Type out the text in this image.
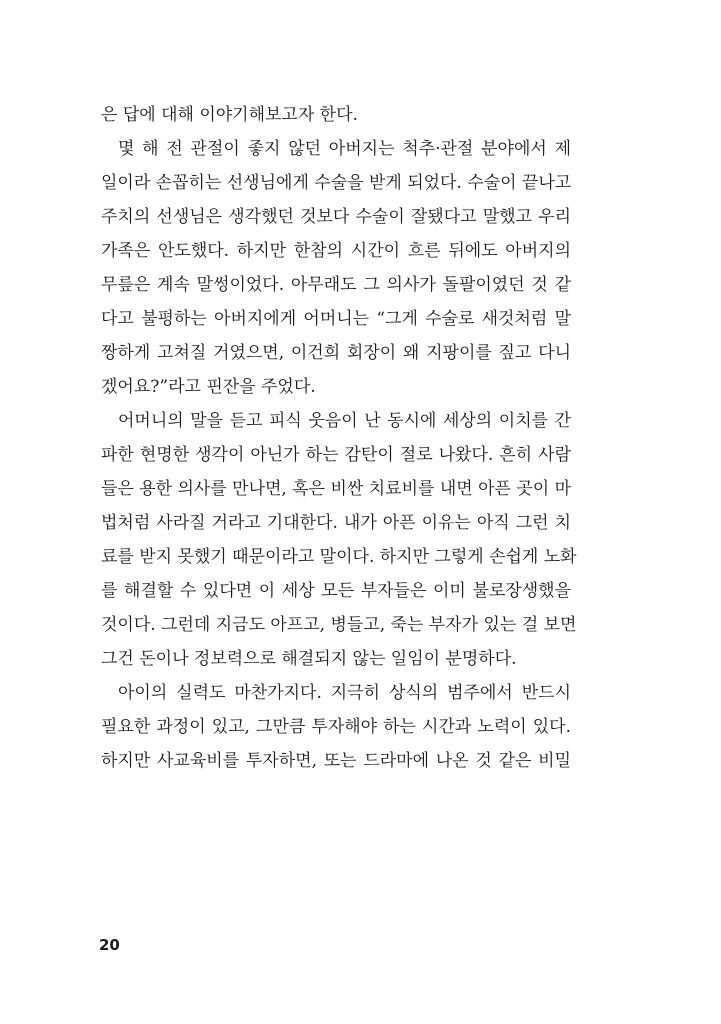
은 답에 대해 이야기해보고자 한다.
몇 해 전 관절이 좋지 않던 아버지는 척추·관절 분야에서 제
일이라 손꼽히는 선생님에게 수술을 받게 되었다. 수술이 끝나고
주치의 선생님은 생각했던 것보다 수술이 잘됐다고 말했고 우리
가족은 안도했다. 하지만 한참의 시간이 흐른 뒤에도 아버지의
무릎은 계속 말썽이었다. 아무래도 그 의사가 돌팔이였던 것 같
다고 불평하는 아버지에게 어머니는 “그게 수술로 새것처럼 말
짱하게 고쳐질 거였으면, 이건희 회장이 왜 지팡이를 짚고 다니
겠어요?”라고 핀잔을 주었다.
어머니의 말을 듣고 피식 웃음이 난 동시에 세상의 이치를 간
파한 현명한 생각이 아닌가 하는 감탄이 절로 나왔다. 흔히 사람
들은 용한 의사를 만나면, 혹은 비싼 치료비를 내면 아픈 곳이 마
법처럼 사라질 거라고 기대한다. 내가 아픈 이유는 아직 그런 치
료를 받지 못했기 때문이라고 말이다. 하지만 그렇게 손쉽게 노화
를 해결할 수 있다면 이 세상 모든 부자들은 이미 불로장생했을
것이다. 그런데 지금도 아프고, 병들고, 죽는 부자가 있는 걸 보면
그건 돈이나 정보력으로 해결되지 않는 일임이 분명하다.
아이의 실력도 마찬가지다. 지극히 상식의 범주에서 반드시
필요한 과정이 있고, 그만큼 투자해야 하는 시간과 노력이 있다.
하지만 사교육비를 투자하면, 또는 드라마에 나온 것 같은 비밀
20
